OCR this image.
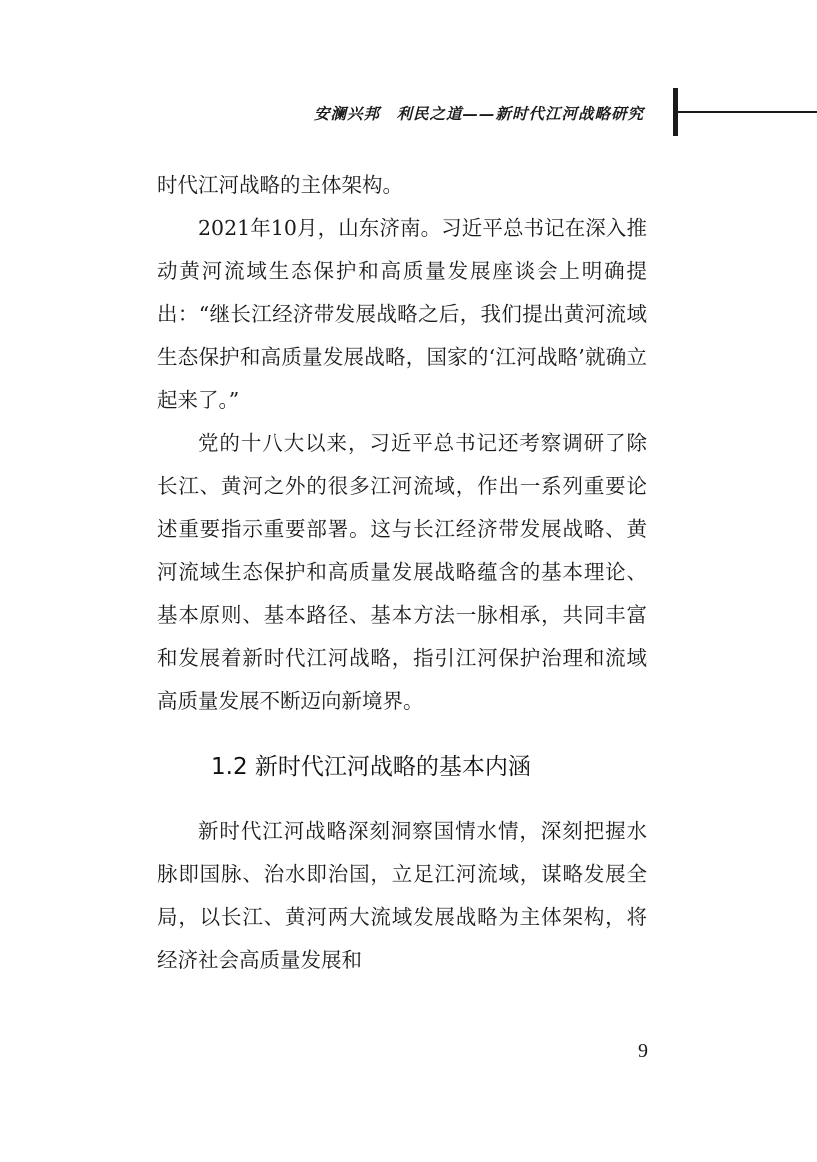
安澜兴邦　利民之道——新时代江河战略研究

时代江河战略的主体架构。

2021年10月，山东济南。习近平总书记在深入推动黄河流域生态保护和高质量发展座谈会上明确提出：“继长江经济带发展战略之后，我们提出黄河流域生态保护和高质量发展战略，国家的‘江河战略’就确立起来了。”

党的十八大以来，习近平总书记还考察调研了除长江、黄河之外的很多江河流域，作出一系列重要论述重要指示重要部署。这与长江经济带发展战略、黄河流域生态保护和高质量发展战略蕴含的基本理论、基本原则、基本路径、基本方法一脉相承，共同丰富和发展着新时代江河战略，指引江河保护治理和流域高质量发展不断迈向新境界。

1.2 新时代江河战略的基本内涵

新时代江河战略深刻洞察国情水情，深刻把握水脉即国脉、治水即治国，立足江河流域，谋略发展全局，以长江、黄河两大流域发展战略为主体架构，将经济社会高质量发展和

9
